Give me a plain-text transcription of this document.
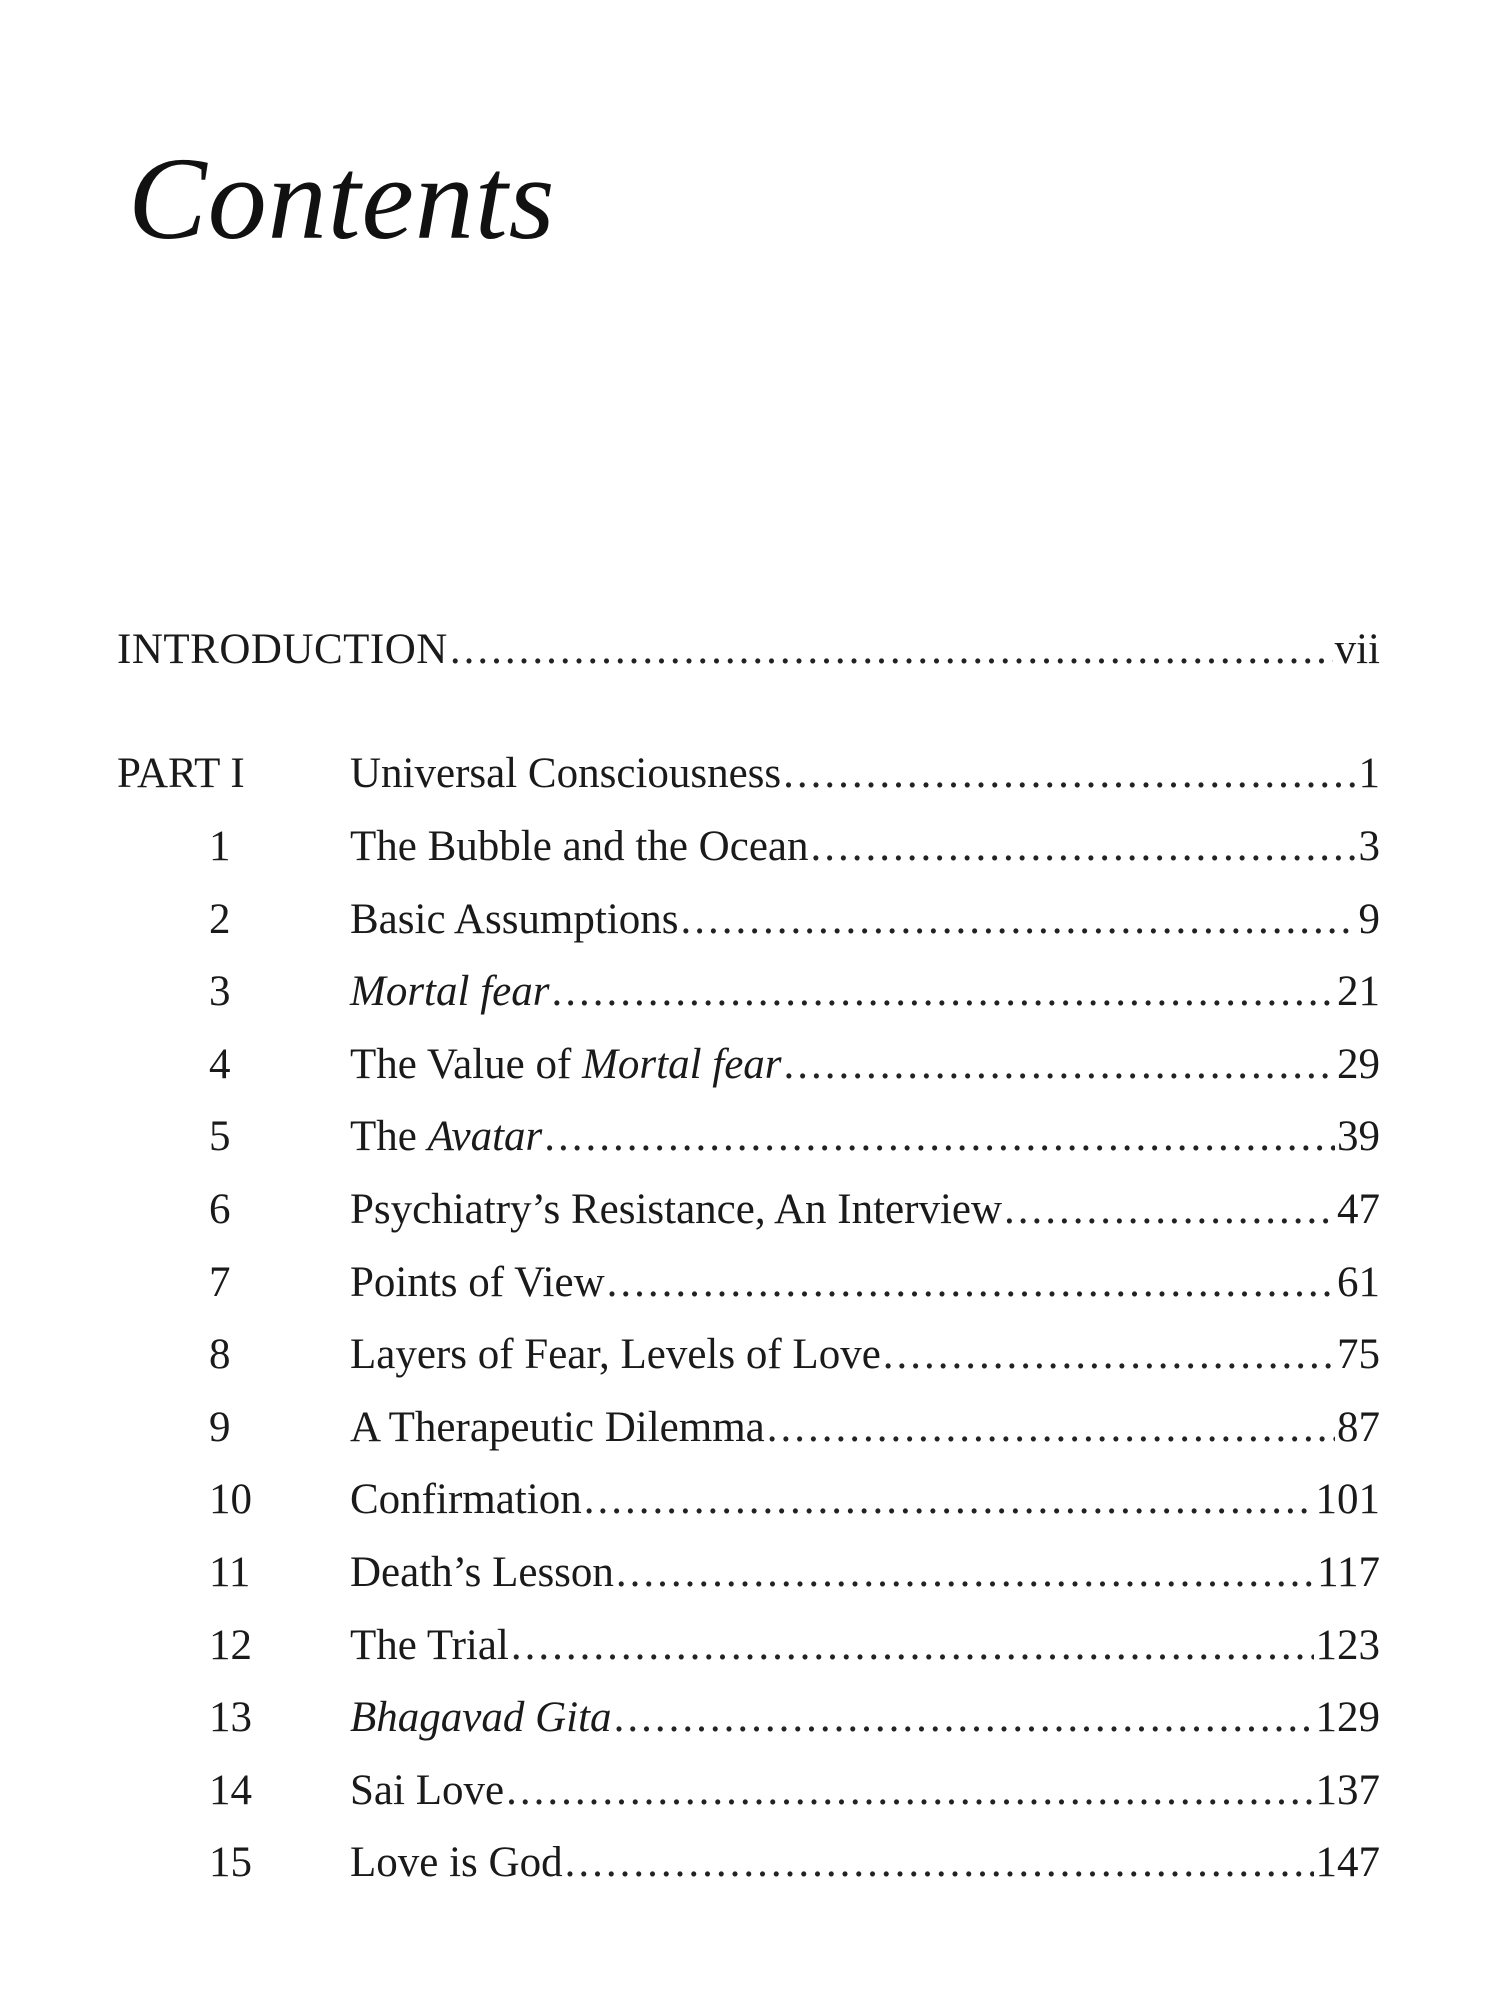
Contents
INTRODUCTION .....	vii
PART I	Universal Consciousness .....	1
1	The Bubble and the Ocean .....	3
2	Basic Assumptions .....	9
3	Mortal fear .....	21
4	The Value of Mortal fear .....	29
5	The Avatar .....	39
6	Psychiatry’s Resistance, An Interview .....	47
7	Points of View .....	61
8	Layers of Fear, Levels of Love .....	75
9	A Therapeutic Dilemma .....	87
10	Confirmation .....	101
11	Death’s Lesson .....	117
12	The Trial .....	123
13	Bhagavad Gita .....	129
14	Sai Love .....	137
15	Love is God .....	147
